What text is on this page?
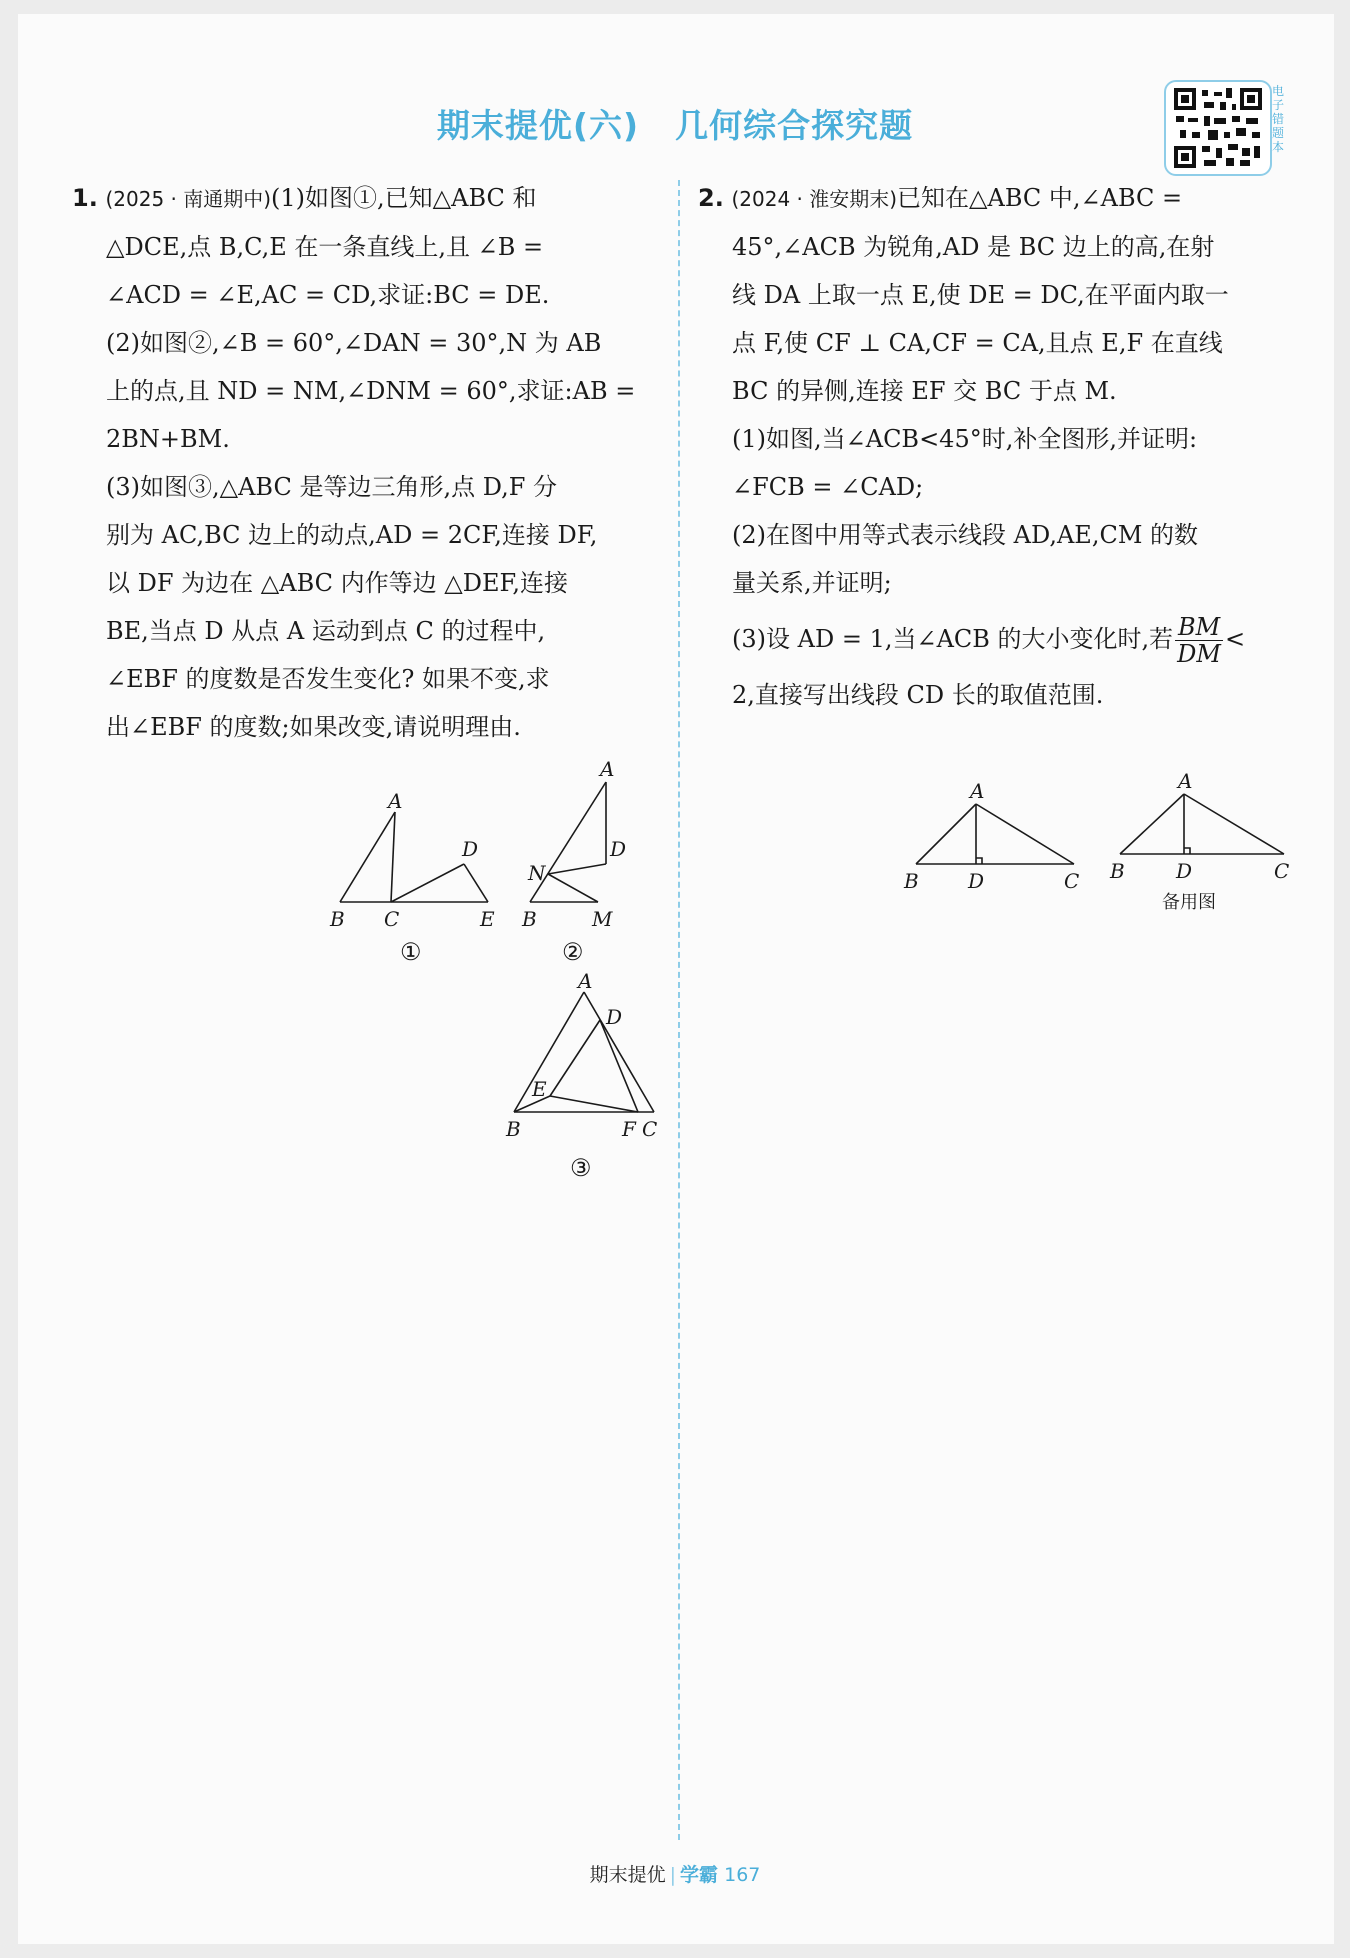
期末提优(六) 几何综合探究题
电子错题本

1. (2025 · 南通期中)(1)如图①,已知△ABC 和

△DCE,点 B,C,E 在一条直线上,且 ∠B =

∠ACD = ∠E,AC = CD,求证:BC = DE.

(2)如图②,∠B = 60°,∠DAN = 30°,N 为 AB

上的点,且 ND = NM,∠DNM = 60°,求证:AB =

2BN+BM.

(3)如图③,△ABC 是等边三角形,点 D,F 分

别为 AC,BC 边上的动点,AD = 2CF,连接 DF,

以 DF 为边在 △ABC 内作等边 △DEF,连接

BE,当点 D 从点 A 运动到点 C 的过程中,

∠EBF 的度数是否发生变化? 如果不变,求

出∠EBF 的度数;如果改变,请说明理由.

2. (2024 · 淮安期末)已知在△ABC 中,∠ABC =

45°,∠ACB 为锐角,AD 是 BC 边上的高,在射

线 DA 上取一点 E,使 DE = DC,在平面内取一

点 F,使 CF ⊥ CA,CF = CA,且点 E,F 在直线

BC 的异侧,连接 EF 交 BC 于点 M.

(1)如图,当∠ACB<45°时,补全图形,并证明:

∠FCB = ∠CAD;

(2)在图中用等式表示线段 AD,AE,CM 的数

量关系,并证明;

(3)设 AD = 1,当∠ACB 的大小变化时,若 $\frac{BM}{DM}$ <

2,直接写出线段 CD 长的取值范围.

A
D
B C	E
①
A
D
N
B	M
②
A
D
E
B	F C
③
A
B D	C
A
B	D	C
备用图
期末提优 | 学霸 167
